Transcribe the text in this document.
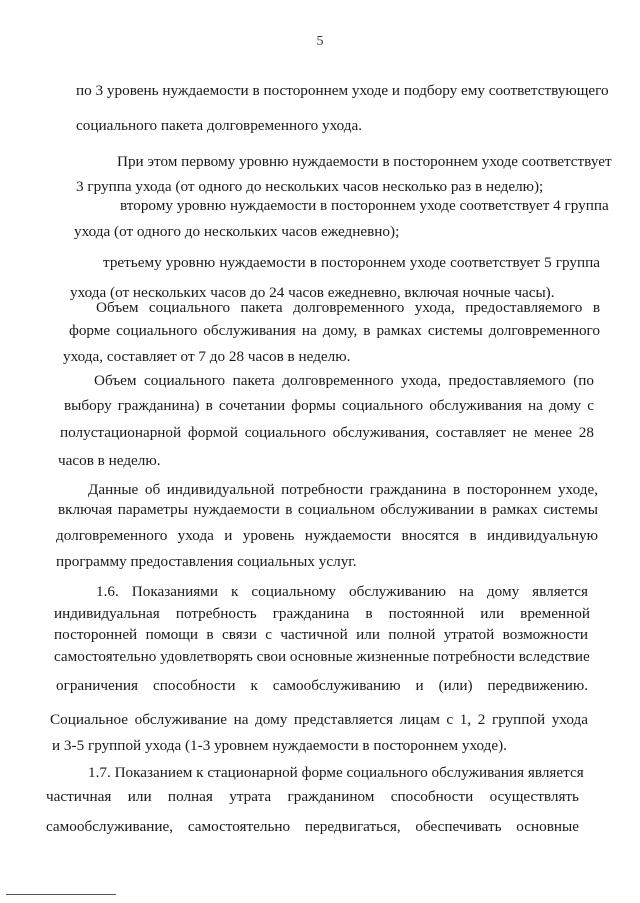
5
по 3 уровень нуждаемости в постороннем уходе и подбору ему соответствующего
социального пакета долговременного ухода.
При этом первому уровню нуждаемости в постороннем уходе соответствует
3 группа ухода (от одного до нескольких часов несколько раз в неделю);
второму уровню нуждаемости в постороннем уходе соответствует 4 группа
ухода (от одного до нескольких часов ежедневно);
третьему уровню нуждаемости в постороннем уходе соответствует 5 группа
ухода (от нескольких часов до 24 часов ежедневно, включая ночные часы).
Объем социального пакета долговременного ухода, предоставляемого в
форме социального обслуживания на дому, в рамках системы долговременного
ухода, составляет от 7 до 28 часов в неделю.
Объем социального пакета долговременного ухода, предоставляемого (по
выбору гражданина) в сочетании формы социального обслуживания на дому с
полустационарной формой социального обслуживания, составляет не менее 28
часов в неделю.
Данные об индивидуальной потребности гражданина в постороннем уходе,
включая параметры нуждаемости в социальном обслуживании в рамках системы
долговременного ухода и уровень нуждаемости вносятся в индивидуальную
программу предоставления социальных услуг.
1.6. Показаниями к социальному обслуживанию на дому является
индивидуальная потребность гражданина в постоянной или временной
посторонней помощи в связи с частичной или полной утратой возможности
самостоятельно удовлетворять свои основные жизненные потребности вследствие
ограничения способности к самообслуживанию и (или) передвижению.
Социальное обслуживание на дому представляется лицам с 1, 2 группой ухода
и 3-5 группой ухода (1-3 уровнем нуждаемости в постороннем уходе).
1.7. Показанием к стационарной форме социального обслуживания является
частичная или полная утрата гражданином способности осуществлять
самообслуживание, самостоятельно передвигаться, обеспечивать основные
